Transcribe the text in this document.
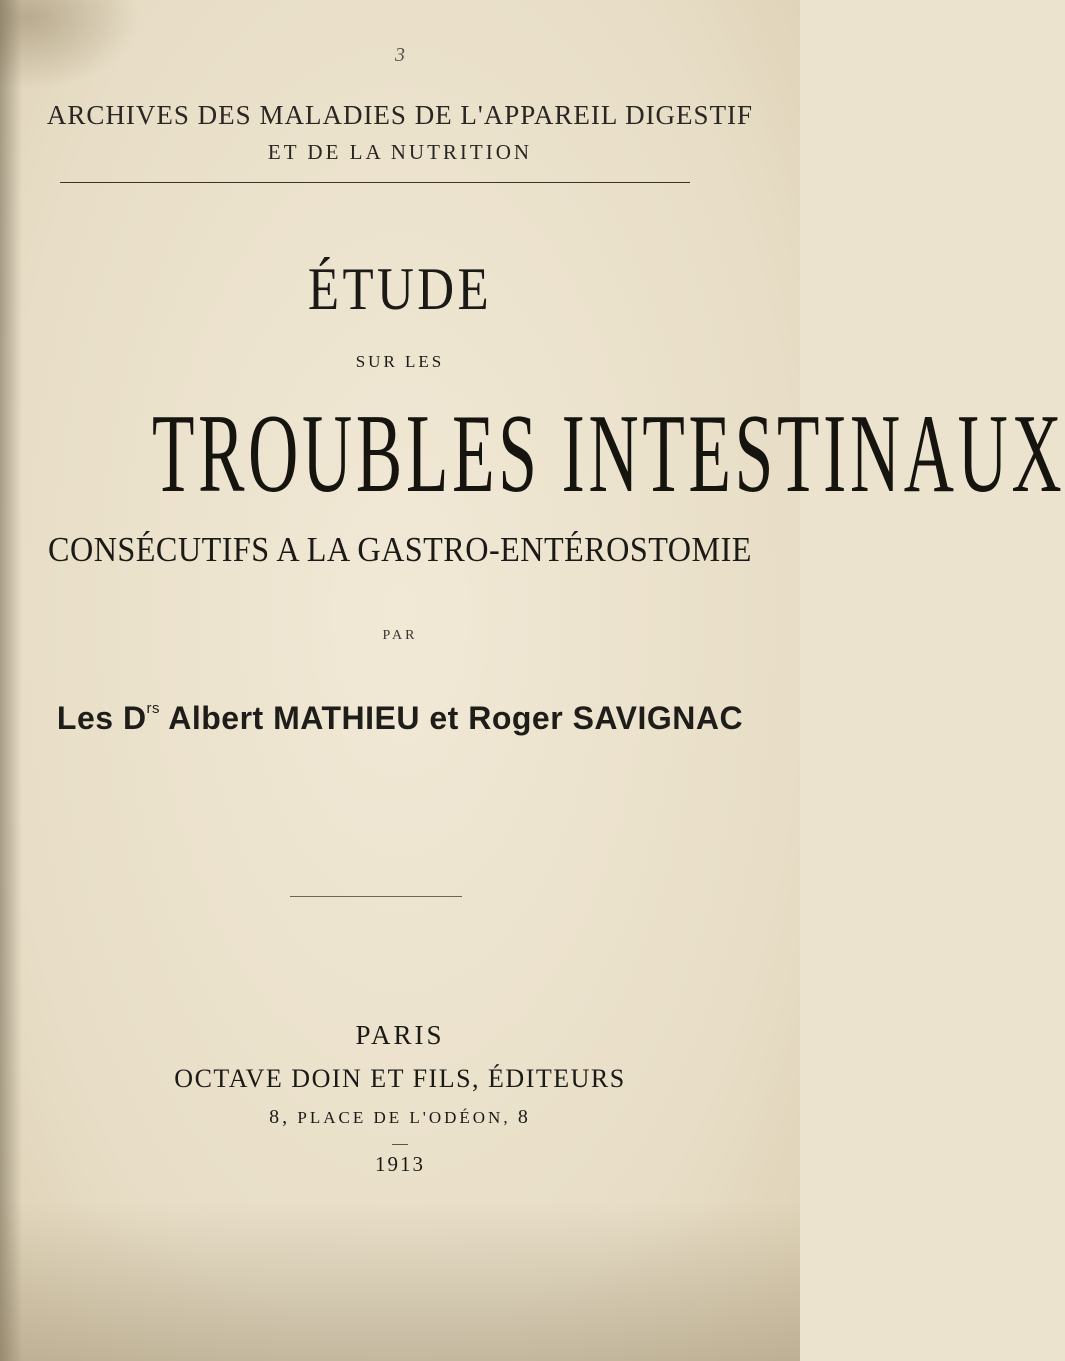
3
ARCHIVES DES MALADIES DE L'APPAREIL DIGESTIF
ET DE LA NUTRITION
ÉTUDE
SUR LES
TROUBLES INTESTINAUX
CONSÉCUTIFS A LA GASTRO-ENTÉROSTOMIE
PAR
Les $D^{rs}$ Albert MATHIEU et Roger SAVIGNAC
PARIS
OCTAVE DOIN ET FILS, ÉDITEURS
8, PLACE DE L'ODÉON, 8
1913
